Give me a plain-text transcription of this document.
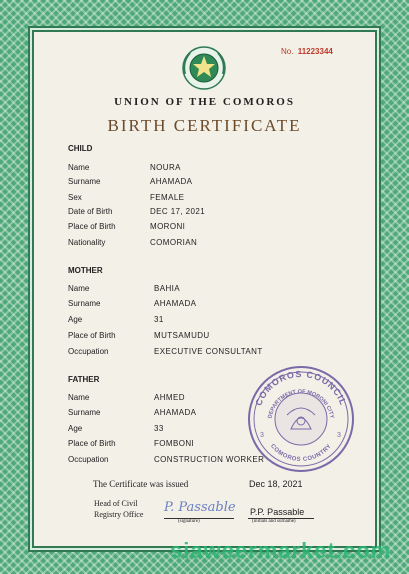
No. 11223344
UNION OF THE COMOROS
BIRTH CERTIFICATE
CHILD
Name	NOURA
Surname	AHAMADA
Sex	FEMALE
Date of Birth	DEC 17, 2021
Place of Birth	MORONI
Nationality	COMORIAN
MOTHER
Name	BAHIA
Surname	AHAMADA
Age	31
Place of Birth	MUTSAMUDU
Occupation	EXECUTIVE CONSULTANT
FATHER
Name	AHMED
Surname	AHAMADA
Age	33
Place of Birth	FOMBONI
Occupation	CONSTRUCTION WORKER
COMOROS COUNCIL
DEPARTMENT OF MORONI CITY
COMOROS COUNTRY
3	3
The Certificate was issued	Dec 18, 2021
Head of Civil Registry Office	P. Passable
(signature)
P.P. Passable
(initials and surname)
siaweermarket.com
